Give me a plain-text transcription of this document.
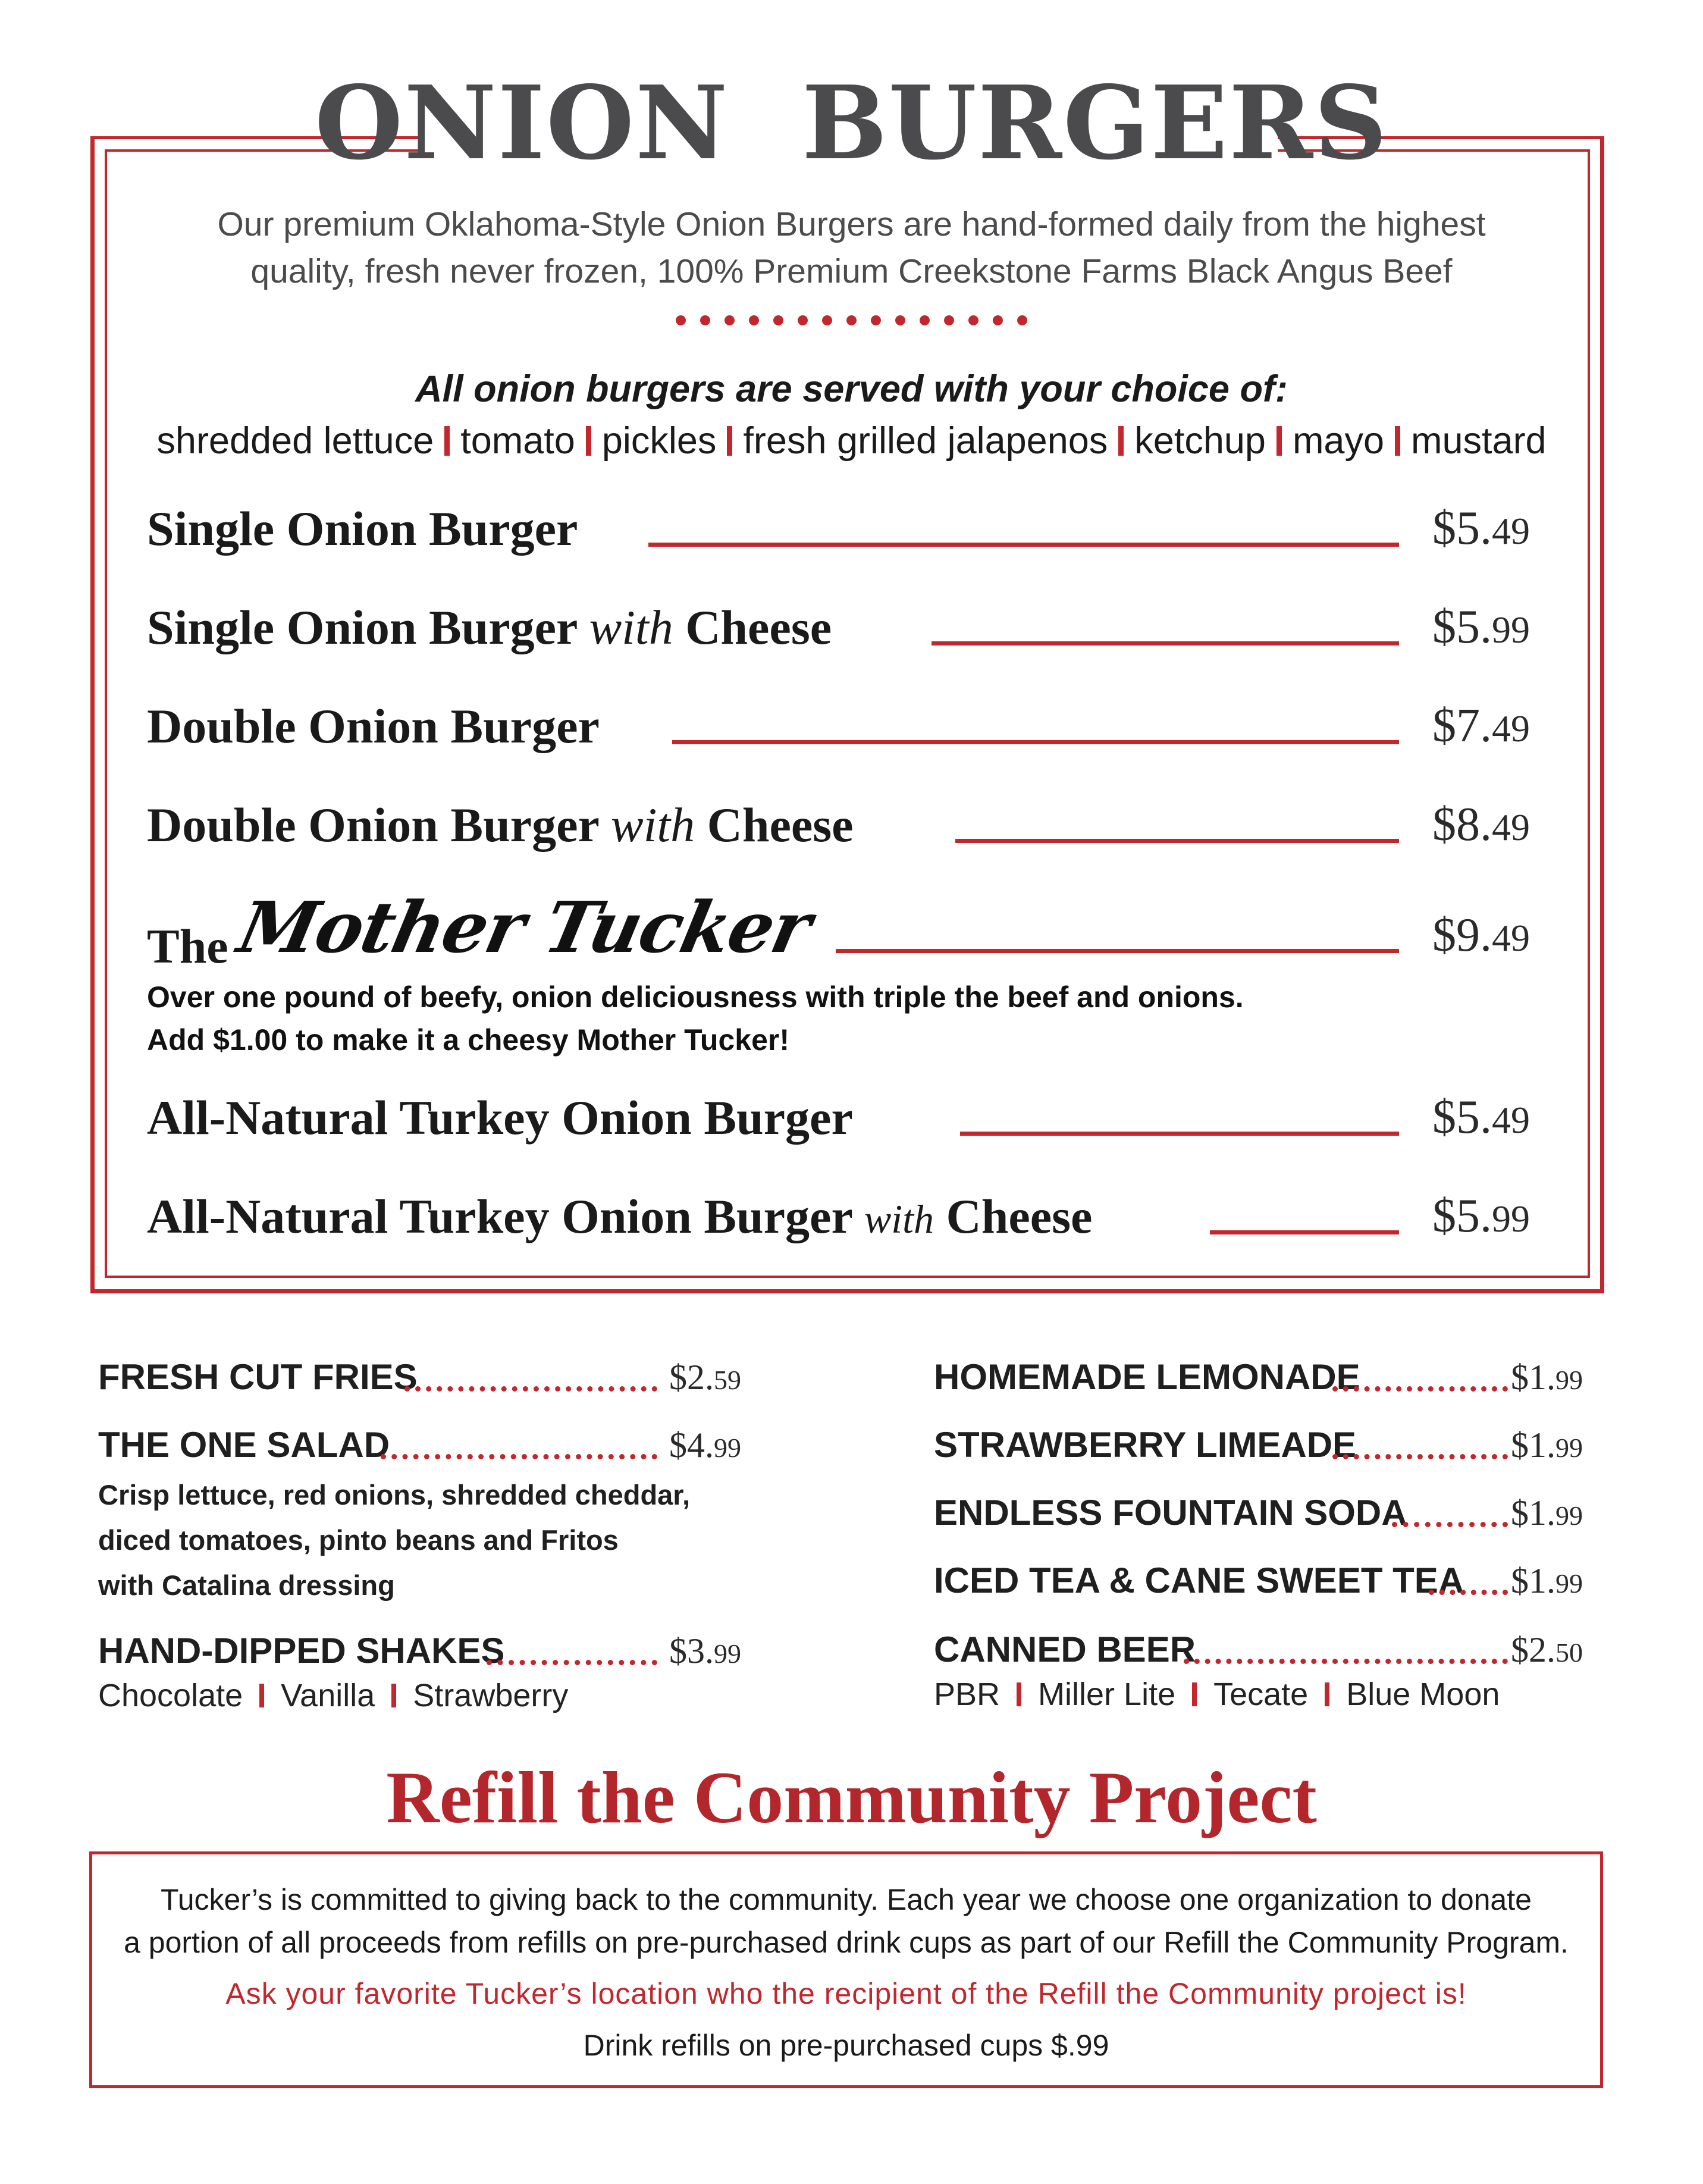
ONION  BURGERS
Our premium Oklahoma-Style Onion Burgers are hand-formed daily from the highest
quality, fresh never frozen, 100% Premium Creekstone Farms Black Angus Beef
All onion burgers are served with your choice of:
shredded lettuce tomato pickles fresh grilled jalapenos ketchup mayo mustard
Single Onion Burger	$5.49
Single Onion Burger with Cheese	$5.99
Double Onion Burger	$7.49
Double Onion Burger with Cheese	$8.49
The Mother Tucker	$9.49
Over one pound of beefy, onion deliciousness with triple the beef and onions.
Add $1.00 to make it a cheesy Mother Tucker!
All-Natural Turkey Onion Burger	$5.49
All-Natural Turkey Onion Burger with Cheese	$5.99
FRESH CUT FRIES	$2.59
THE ONE SALAD	$4.99
Crisp lettuce, red onions, shredded cheddar,
diced tomatoes, pinto beans and Fritos
with Catalina dressing
HAND-DIPPED SHAKES	$3.99
Chocolate Vanilla Strawberry
HOMEMADE LEMONADE	$1.99
STRAWBERRY LIMEADE	$1.99
ENDLESS FOUNTAIN SODA	$1.99
ICED TEA & CANE SWEET TEA $1.99
CANNED BEER	$2.50
PBR Miller Lite Tecate Blue Moon
Refill the Community Project
Tucker’s is committed to giving back to the community. Each year we choose one organization to donate
a portion of all proceeds from refills on pre-purchased drink cups as part of our Refill the Community Program.
Ask your favorite Tucker’s location who the recipient of the Refill the Community project is!
Drink refills on pre-purchased cups $.99
